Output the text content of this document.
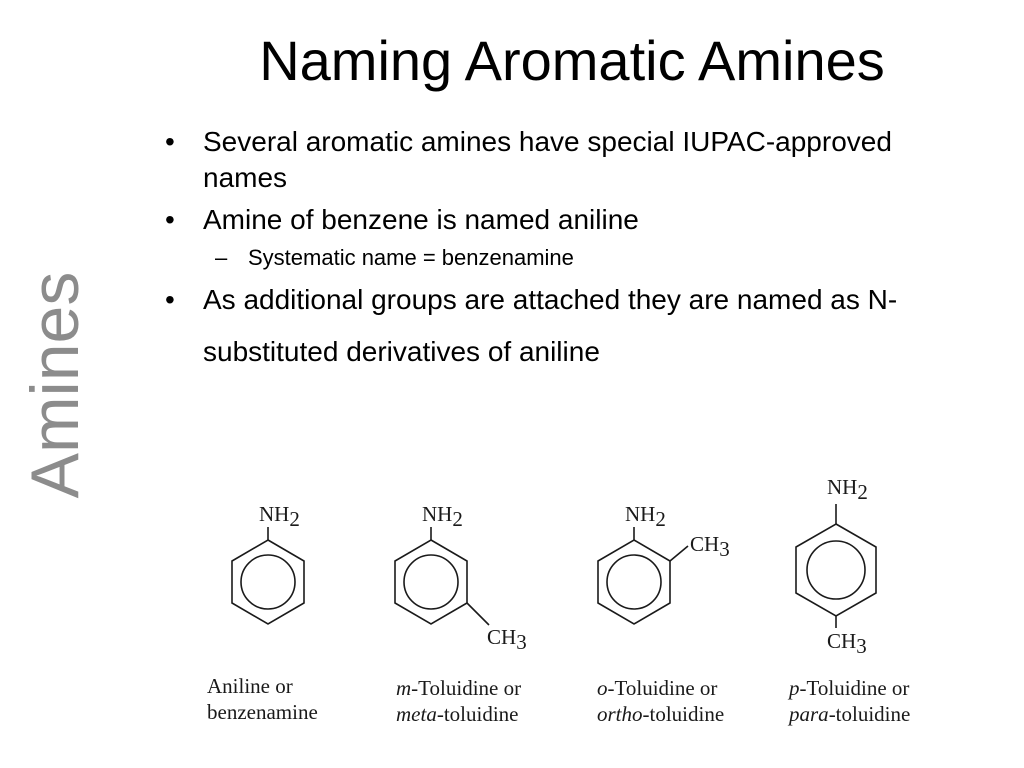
Amines
Naming Aromatic Amines
• Several aromatic amines have special IUPAC-approved names
• Amine of benzene is named aniline
– Systematic name = benzenamine
• As additional groups are attached they are named as N-substituted derivatives of aniline
NH2	NH2
CH3
NH2
CH3
NH2
CH3
Aniline or
benzenamine
m-Toluidine or
meta-toluidine
o-Toluidine or
ortho-toluidine
p-Toluidine or
para-toluidine
